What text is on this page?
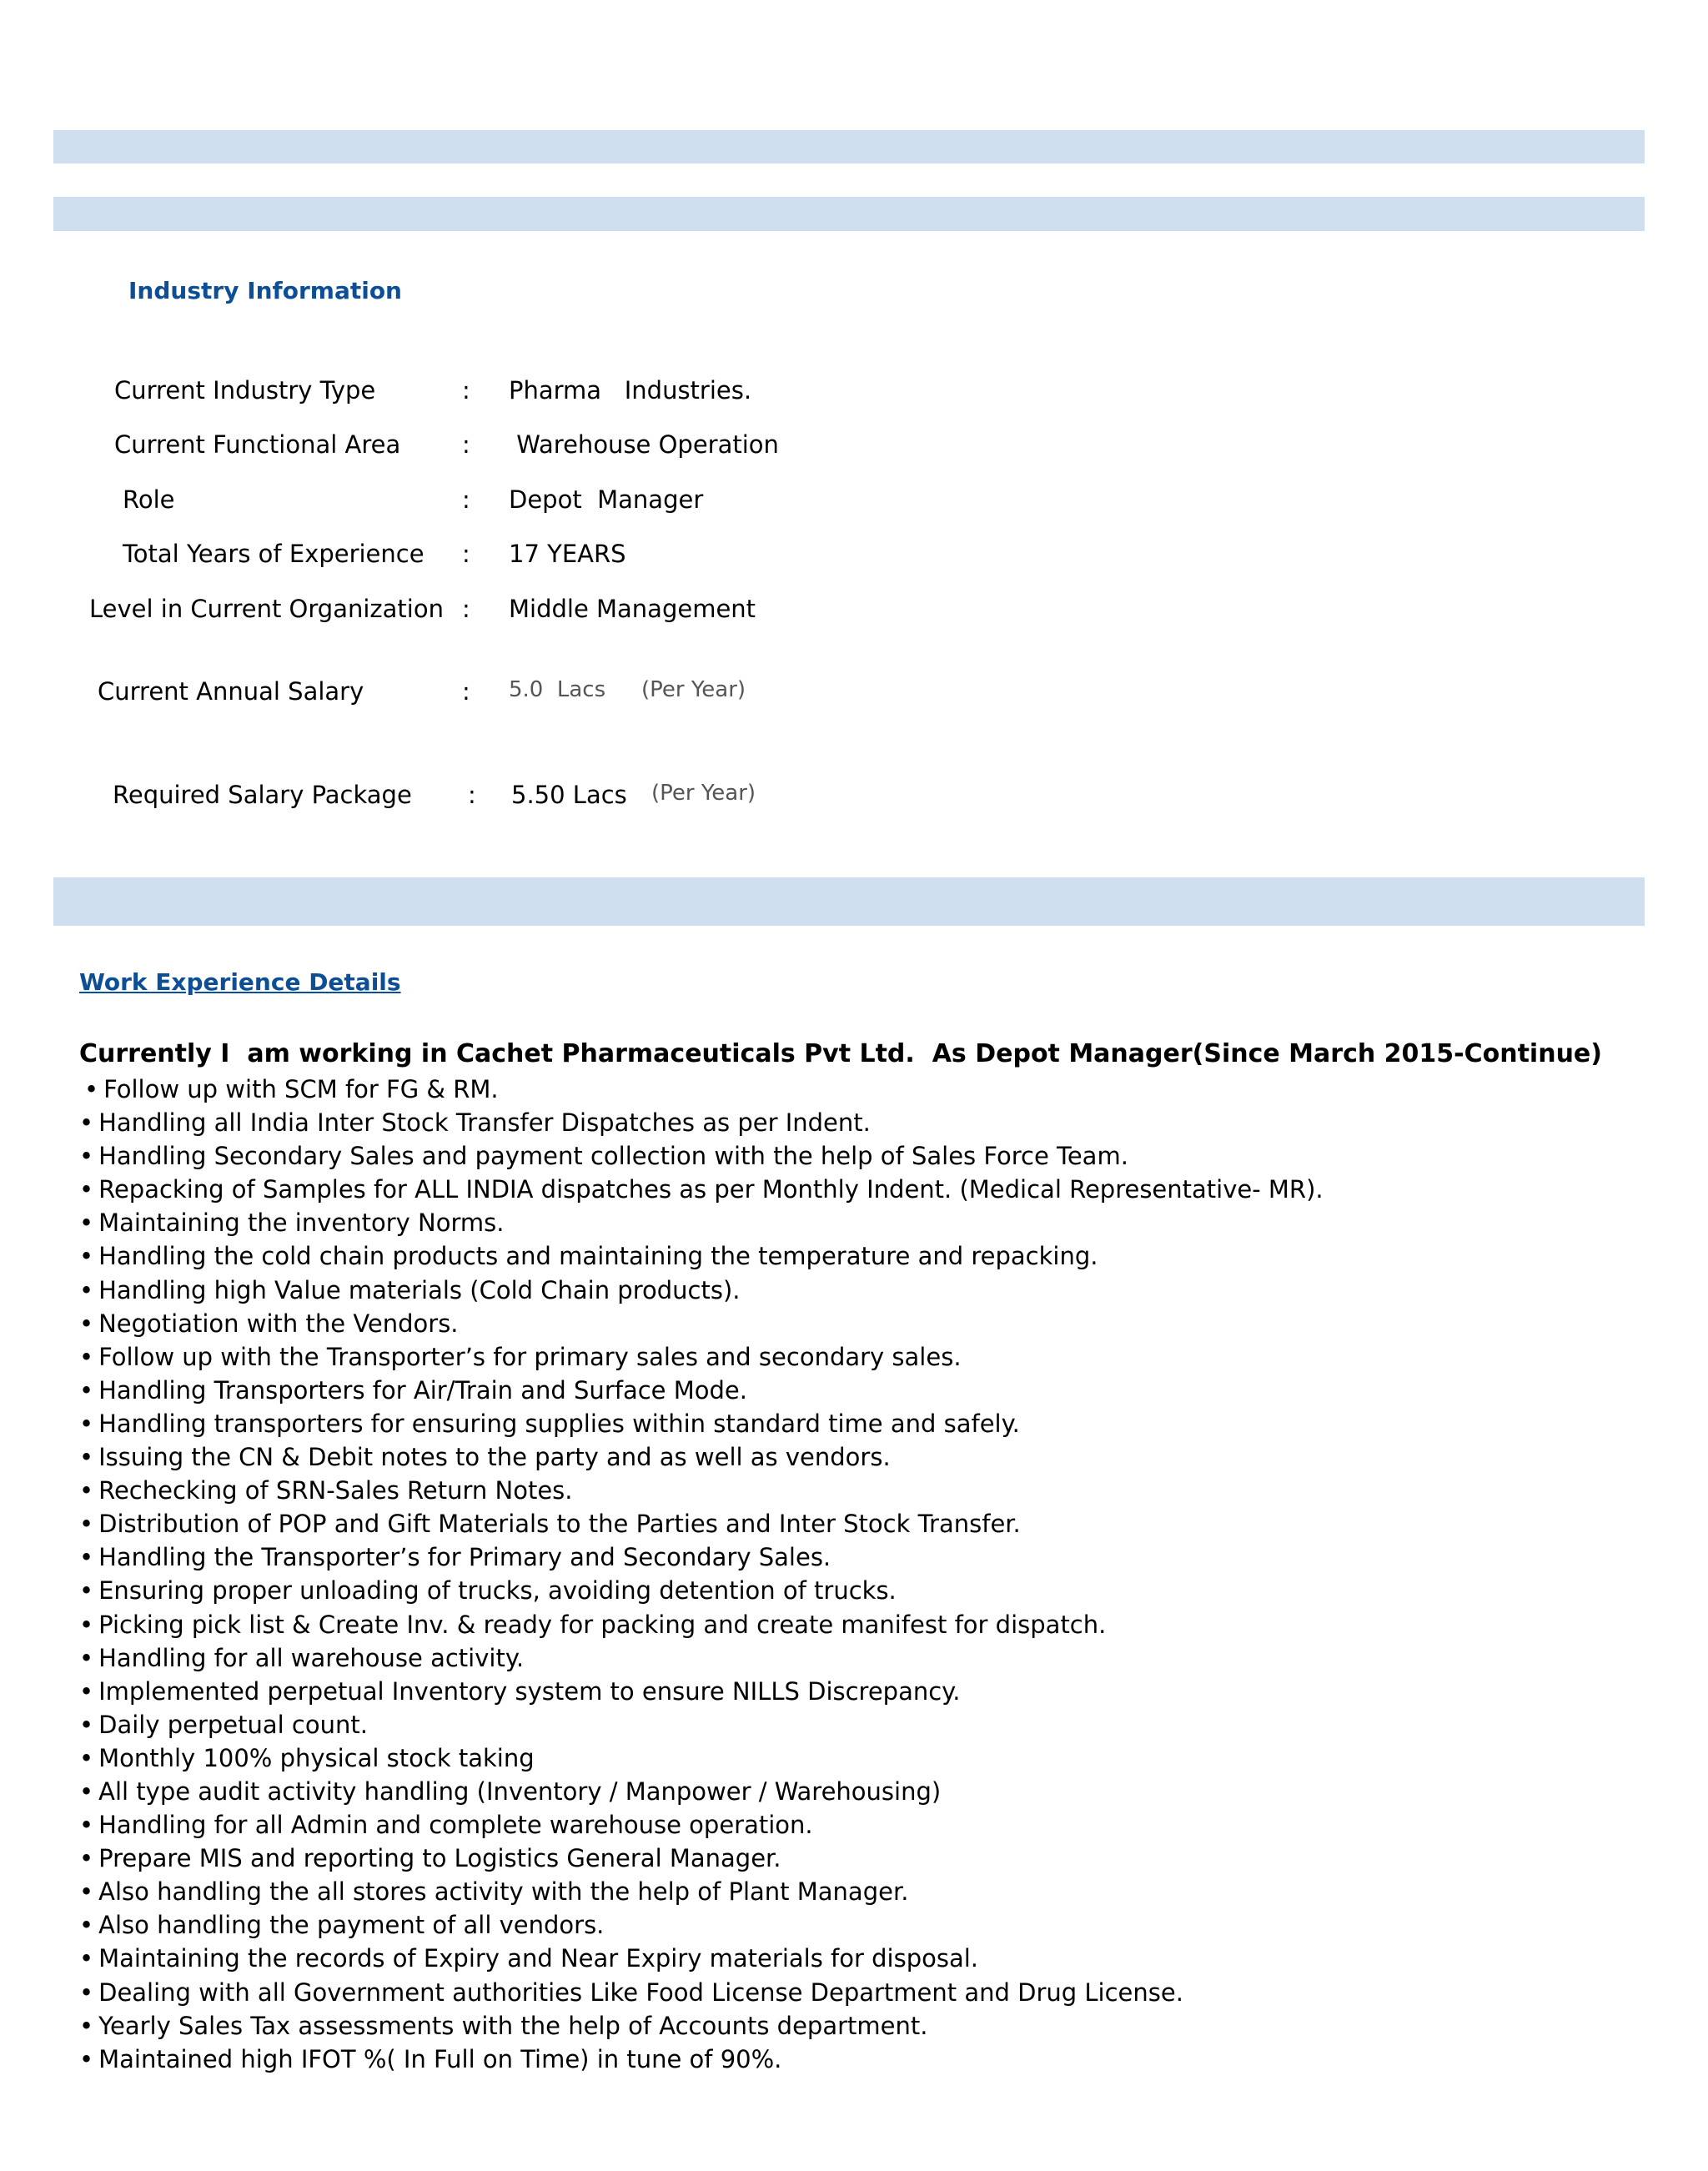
Industry Information
Current Industry Type	: Pharma   Industries.
Current Functional Area	: Warehouse Operation
Role	: Depot  Manager
Total Years of Experience : 17 YEARS
Level in Current Organization : Middle Management
Current Annual Salary	: 5.0  Lacs (Per Year)
Required Salary Package : 5.50 Lacs (Per Year)
Work Experience Details
Currently I  am working in Cachet Pharmaceuticals Pvt Ltd.  As Depot Manager(Since March 2015-Continue)
• Follow up with SCM for FG & RM.
• Handling all India Inter Stock Transfer Dispatches as per Indent.
• Handling Secondary Sales and payment collection with the help of Sales Force Team.
• Repacking of Samples for ALL INDIA dispatches as per Monthly Indent. (Medical Representative- MR).
• Maintaining the inventory Norms.
• Handling the cold chain products and maintaining the temperature and repacking.
• Handling high Value materials (Cold Chain products).
• Negotiation with the Vendors.
• Follow up with the Transporter’s for primary sales and secondary sales.
• Handling Transporters for Air/Train and Surface Mode.
• Handling transporters for ensuring supplies within standard time and safely.
• Issuing the CN & Debit notes to the party and as well as vendors.
• Rechecking of SRN-Sales Return Notes.
• Distribution of POP and Gift Materials to the Parties and Inter Stock Transfer.
• Handling the Transporter’s for Primary and Secondary Sales.
• Ensuring proper unloading of trucks, avoiding detention of trucks.
• Picking pick list & Create Inv. & ready for packing and create manifest for dispatch.
• Handling for all warehouse activity.
• Implemented perpetual Inventory system to ensure NILLS Discrepancy.
• Daily perpetual count.
• Monthly 100% physical stock taking
• All type audit activity handling (Inventory / Manpower / Warehousing)
• Handling for all Admin and complete warehouse operation.
• Prepare MIS and reporting to Logistics General Manager.
• Also handling the all stores activity with the help of Plant Manager.
• Also handling the payment of all vendors.
• Maintaining the records of Expiry and Near Expiry materials for disposal.
• Dealing with all Government authorities Like Food License Department and Drug License.
• Yearly Sales Tax assessments with the help of Accounts department.
• Maintained high IFOT %( In Full on Time) in tune of 90%.
